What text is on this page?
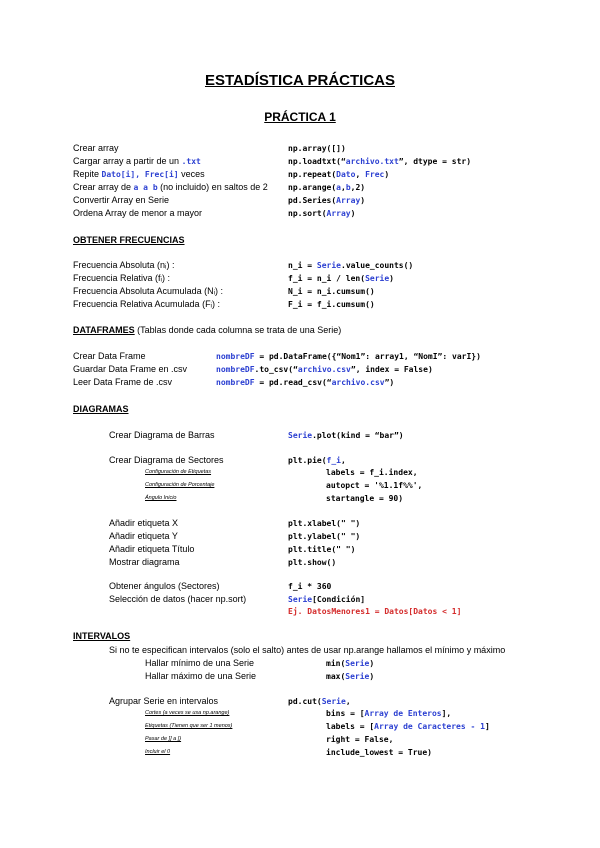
ESTADÍSTICA PRÁCTICAS
PRÁCTICA 1
Crear array	np.array([])
Cargar array a partir de un .txt	np.loadtxt(“archivo.txt”, dtype = str)
Repite Dato[i], Frec[i] veces	np.repeat(Dato, Frec)
Crear array de a a b (no incluido) en saltos de 2	np.arange(a,b,2)
Convertir Array en Serie	pd.Series(Array)
Ordena Array de menor a mayor	np.sort(Array)
OBTENER FRECUENCIAS
Frecuencia Absoluta (nᵢ) :	n_i = Serie.value_counts()
Frecuencia Relativa (fᵢ) :	f_i = n_i / len(Serie)
Frecuencia Absoluta Acumulada (Nᵢ) :	N_i = n_i.cumsum()
Frecuencia Relativa Acumulada (Fᵢ) :	F_i = f_i.cumsum()
DATAFRAMES (Tablas donde cada columna se trata de una Serie)
Crear Data Frame	nombreDF = pd.DataFrame({“Nom1”: array1, “NomI”: varI})
Guardar Data Frame en .csv	nombreDF.to_csv(“archivo.csv”, index = False)
Leer Data Frame de .csv	nombreDF = pd.read_csv(“archivo.csv”)
DIAGRAMAS
Crear Diagrama de Barras	Serie.plot(kind = “bar”)
Crear Diagrama de Sectores	plt.pie(f_i,
Configuración de Etiquetas	labels = f_i.index,
Configuración de Porcentaje	autopct = '%1.1f%%',
Ángulo Inicio	startangle = 90)
Añadir etiqueta X	plt.xlabel(" ")
Añadir etiqueta Y	plt.ylabel(" ")
Añadir etiqueta Título	plt.title(" ")
Mostrar diagrama	plt.show()
Obtener ángulos (Sectores)	f_i * 360
Selección de datos (hacer np.sort)	Serie[Condición]
Ej. DatosMenores1 = Datos[Datos < 1]
INTERVALOS
Si no te especifican intervalos (solo el salto) antes de usar np.arange hallamos el mínimo y máximo
Hallar mínimo de una Serie	min(Serie)
Hallar máximo de una Serie	max(Serie)
Agrupar Serie en intervalos	pd.cut(Serie,
Cortes (a veces se usa np.arange)	bins = [Array de Enteros],
Etiquetas (Tienen que ser 1 menos)	labels = [Array de Caracteres - 1]
Pasar de ]] a [)	right = False,
Incluir el 0	include_lowest = True)
